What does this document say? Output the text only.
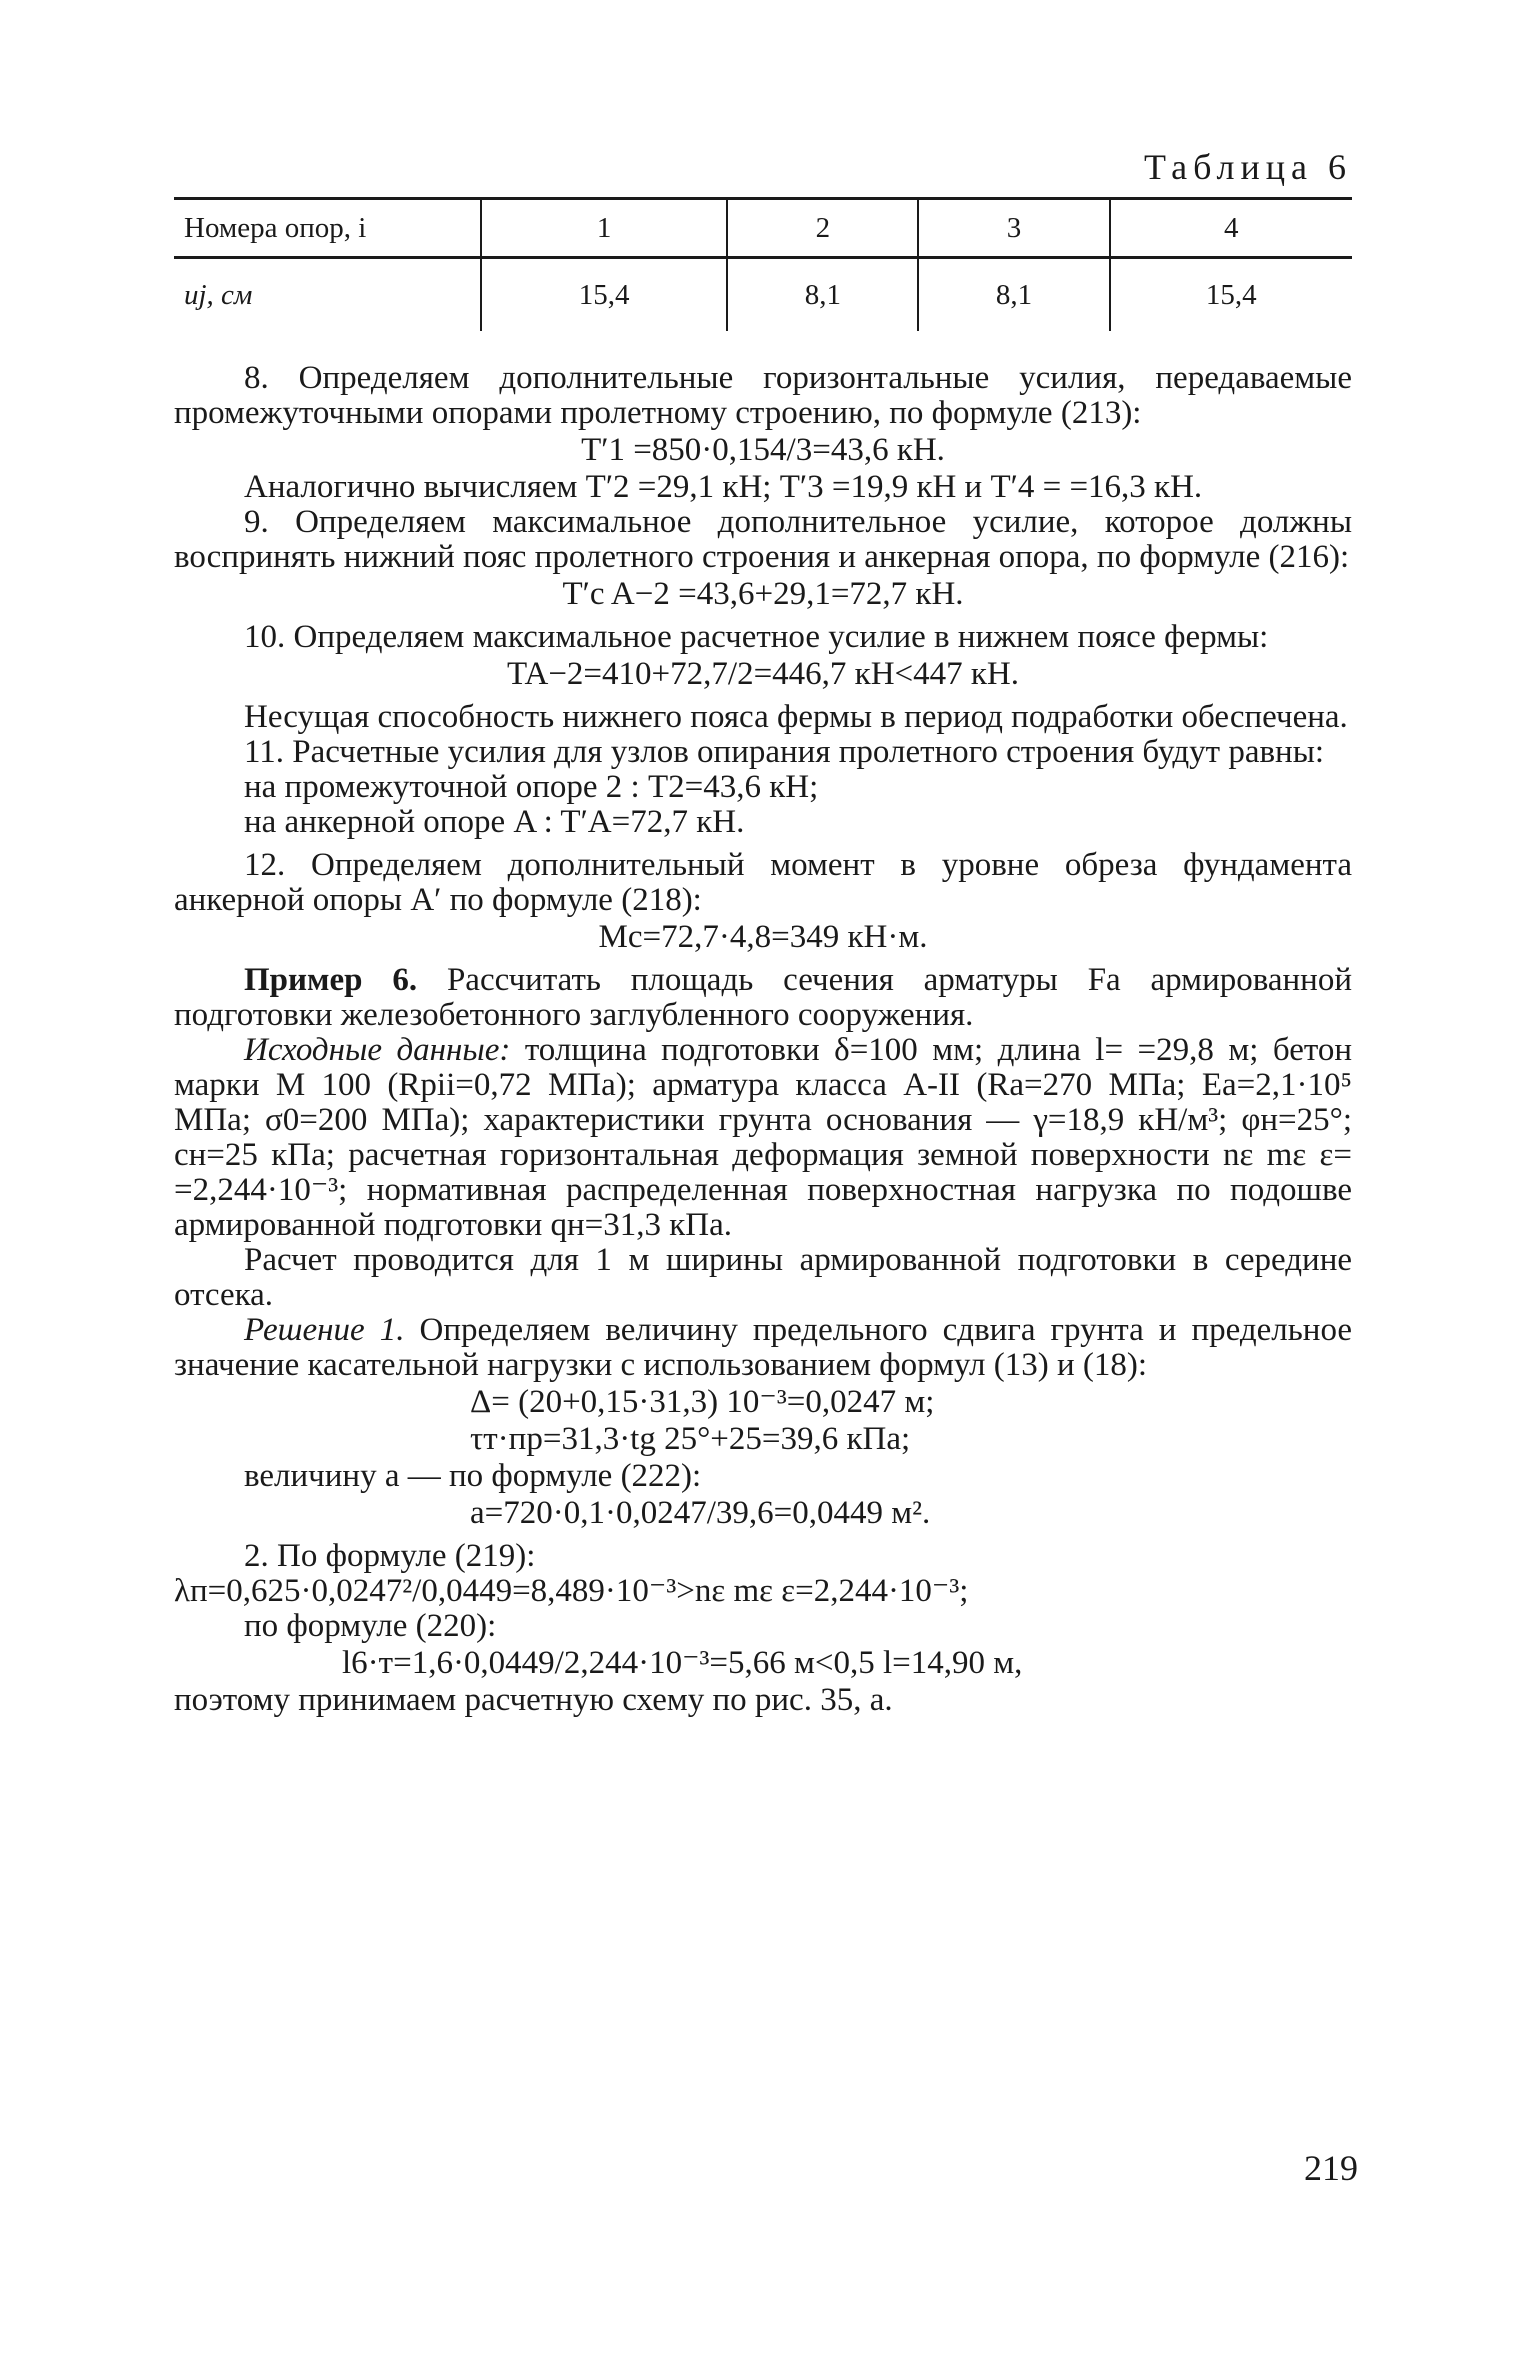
Таблица 6
Номера опор, i	1	2	3	4
uj, см	15,4	8,1	8,1	15,4

8. Определяем дополнительные горизонтальные усилия, передаваемые промежуточными опорами пролетному строению, по формуле (213):

T′1 =850·0,154/3=43,6 кН.

Аналогично вычисляем T′2 =29,1 кН; T′3 =19,9 кН и T′4 = =16,3 кН.

9. Определяем максимальное дополнительное усилие, которое должны воспринять нижний пояс пролетного строения и анкерная опора, по формуле (216):

T′c A−2 =43,6+29,1=72,7 кН.

10. Определяем максимальное расчетное усилие в нижнем поясе фермы:

TA−2=410+72,7/2=446,7 кН<447 кН.

Несущая способность нижнего пояса фермы в период подработки обеспечена.

11. Расчетные усилия для узлов опирания пролетного строения будут равны:

на промежуточной опоре 2 : T2=43,6 кН;

на анкерной опоре A : T′A=72,7 кН.

12. Определяем дополнительный момент в уровне обреза фундамента анкерной опоры A′ по формуле (218):

Mc=72,7·4,8=349 кН·м.

Пример 6. Рассчитать площадь сечения арматуры Fa армированной подготовки железобетонного заглубленного сооружения.

Исходные данные: толщина подготовки δ=100 мм; длина l= =29,8 м; бетон марки М 100 (Rpii=0,72 МПа); арматура класса A-II (Ra=270 МПа; Ea=2,1·10⁵ МПа; σ0=200 МПа); характеристики грунта основания — γ=18,9 кН/м³; φн=25°; cн=25 кПа; расчетная горизонтальная деформация земной поверхности nε mε ε= =2,244·10⁻³; нормативная распределенная поверхностная нагрузка по подошве армированной подготовки qн=31,3 кПа.

Расчет проводится для 1 м ширины армированной подготовки в середине отсека.

Решение 1. Определяем величину предельного сдвига грунта и предельное значение касательной нагрузки с использованием формул (13) и (18):

Δ= (20+0,15·31,3) 10⁻³=0,0247 м;

τт·пр=31,3·tg 25°+25=39,6 кПа;

величину a — по формуле (222):

a=720·0,1·0,0247/39,6=0,0449 м².

2. По формуле (219):

λп=0,625·0,0247²/0,0449=8,489·10⁻³>nε mε ε=2,244·10⁻³;

по формуле (220):

l6·т=1,6·0,0449/2,244·10⁻³=5,66 м<0,5 l=14,90 м,

поэтому принимаем расчетную схему по рис. 35, a.

219
